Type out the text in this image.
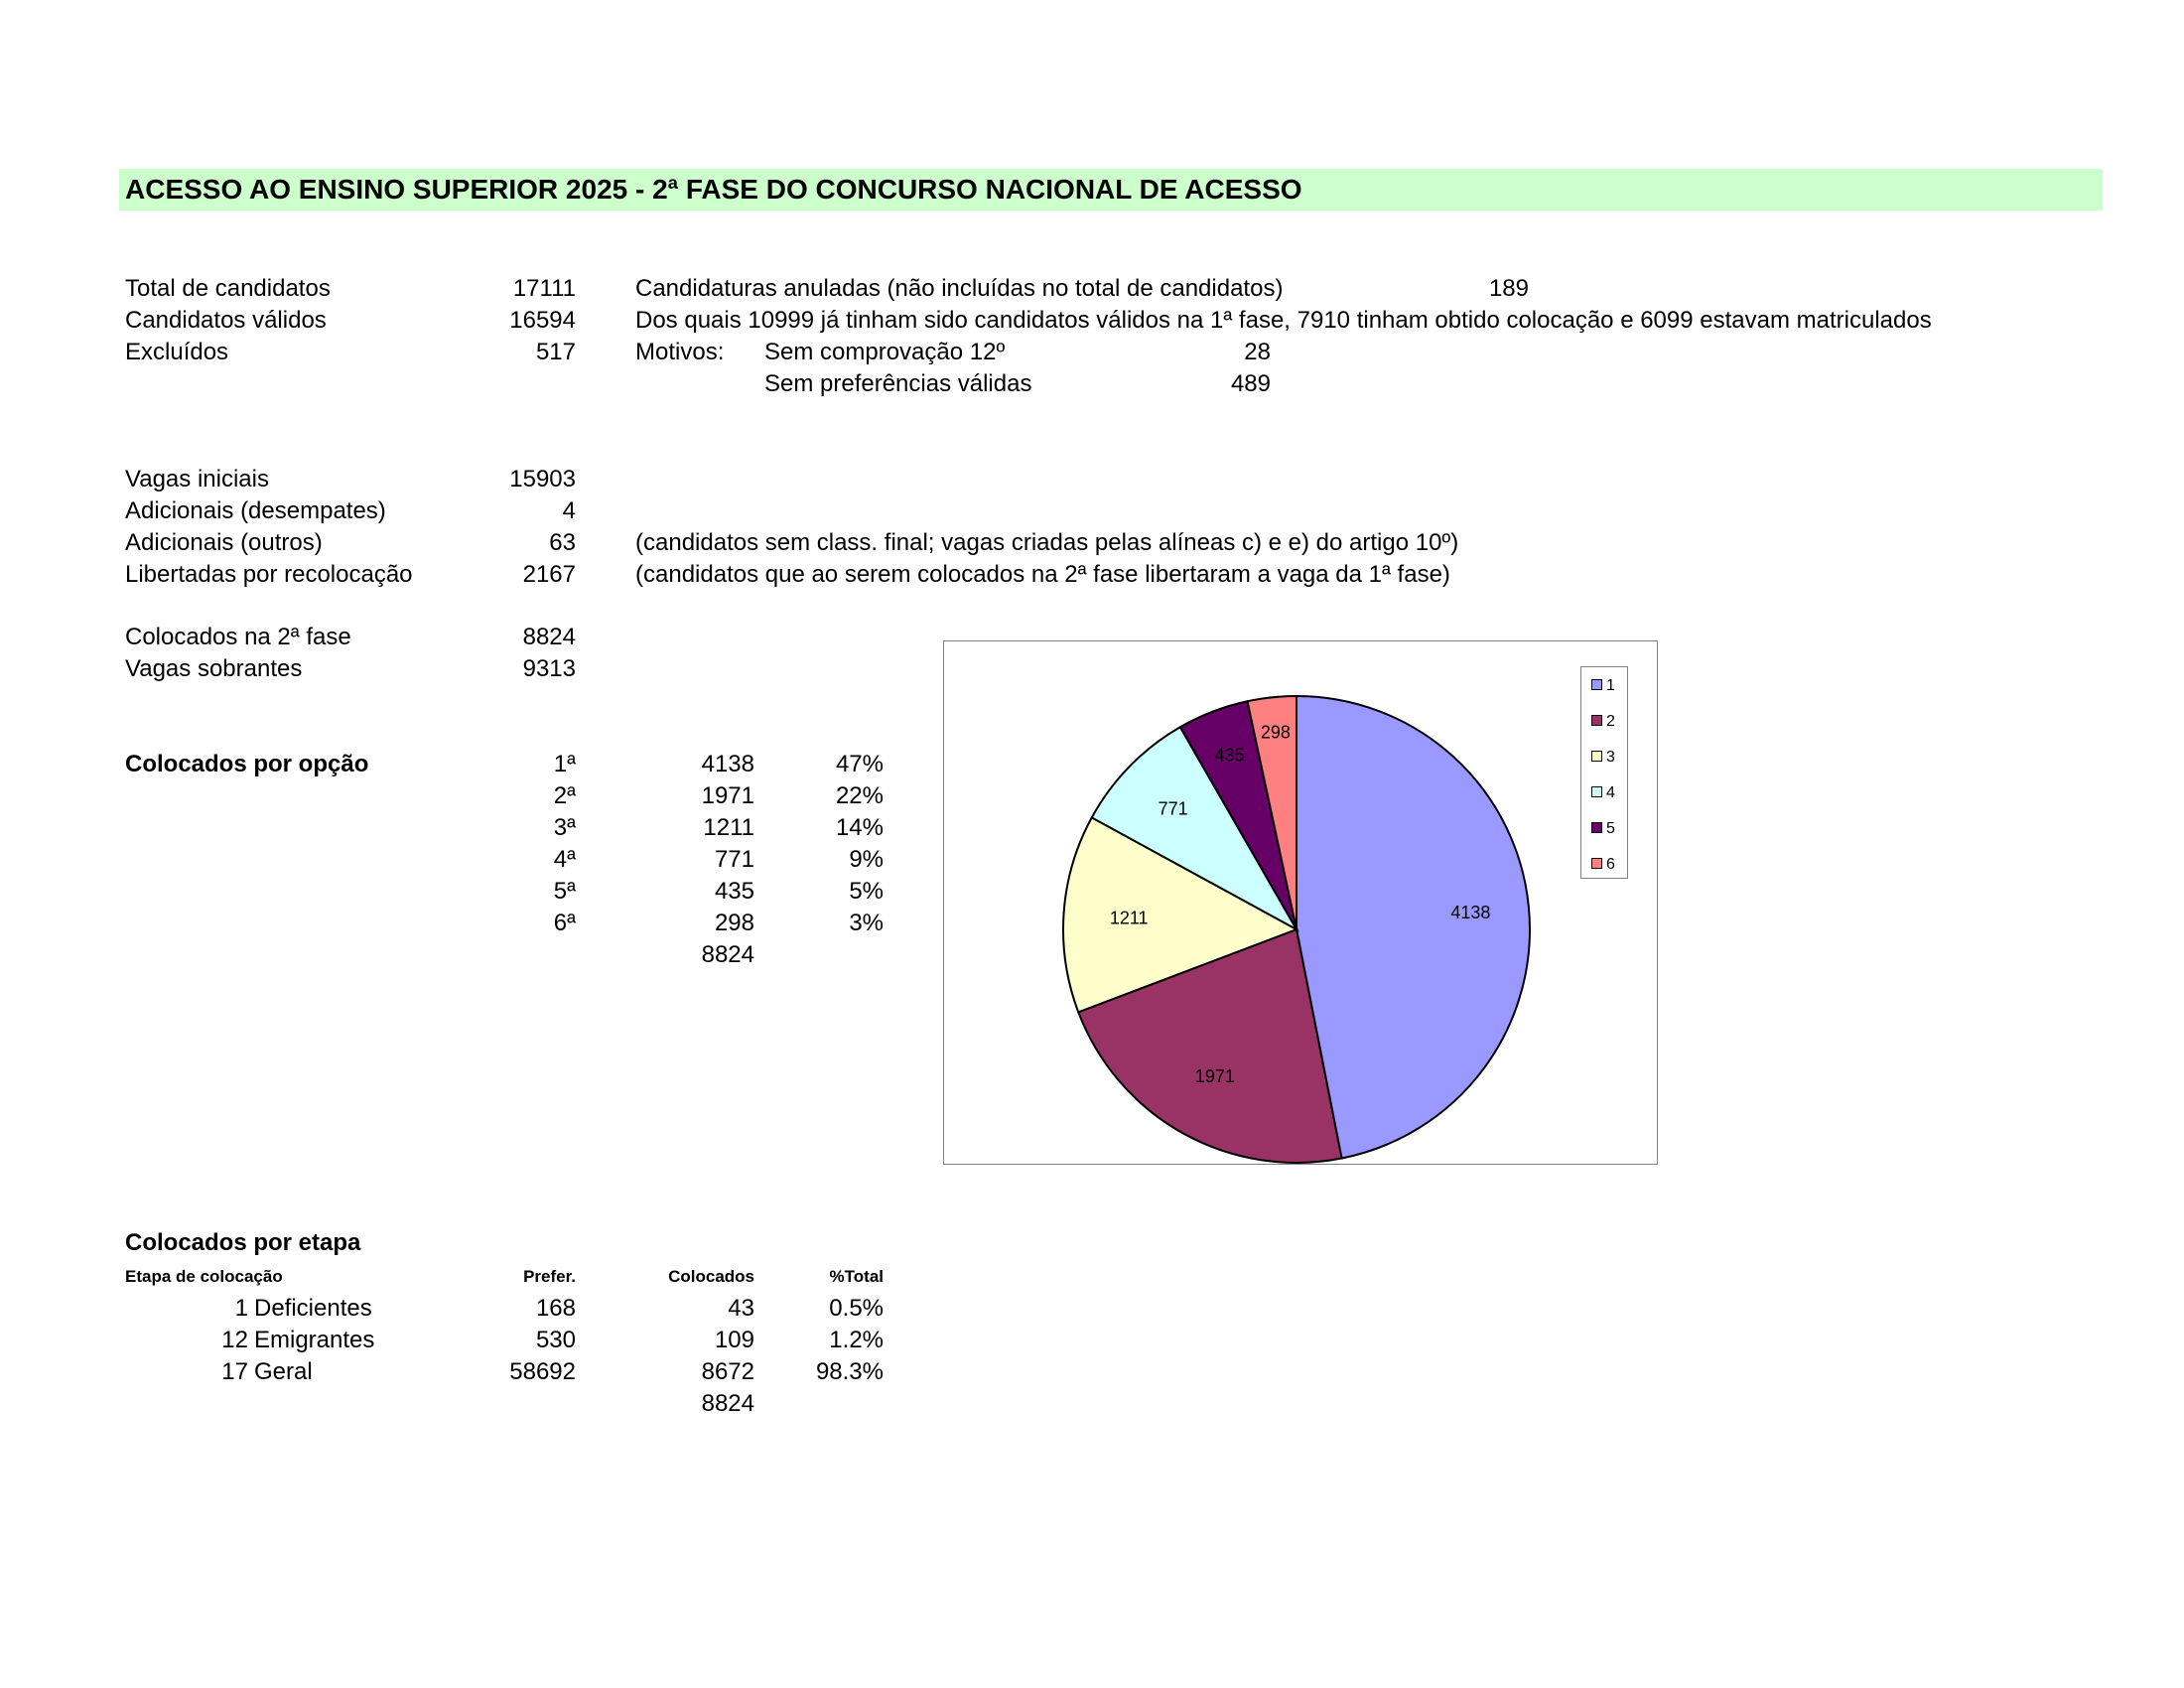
ACESSO AO ENSINO SUPERIOR 2025 - 2ª FASE DO CONCURSO NACIONAL DE ACESSO
Total de candidatos	17111
Candidatos válidos	16594
Excluídos	517
Candidaturas anuladas (não incluídas no total de candidatos)	189
Dos quais 10999 já tinham sido candidatos válidos na 1ª fase, 7910 tinham obtido colocação e 6099 estavam matriculados
Motivos: Sem comprovação 12º	28
Sem preferências válidas	489
Vagas iniciais	15903
Adicionais (desempates)	4
Adicionais (outros)	63	(candidatos sem class. final; vagas criadas pelas alíneas c) e e) do artigo 10º)
Libertadas por recolocação	2167	(candidatos que ao serem colocados na 2ª fase libertaram a vaga da 1ª fase)
Colocados na 2ª fase	8824
Vagas sobrantes	9313
Colocados por opção	1ª	4138	47%
2ª	1971	22%
3ª	1211	14%
4ª	771	9%
5ª	435	5%
6ª	298	3%
8824
Colocados por etapa
Etapa de colocação	Prefer.	Colocados	%Total
1 Deficientes	168	43	0.5%
12 Emigrantes	530	109	1.2%
17 Geral	58692	8672	98.3%
8824
4138
1971
1211
771
435
298
1
2
3
4
5
6
